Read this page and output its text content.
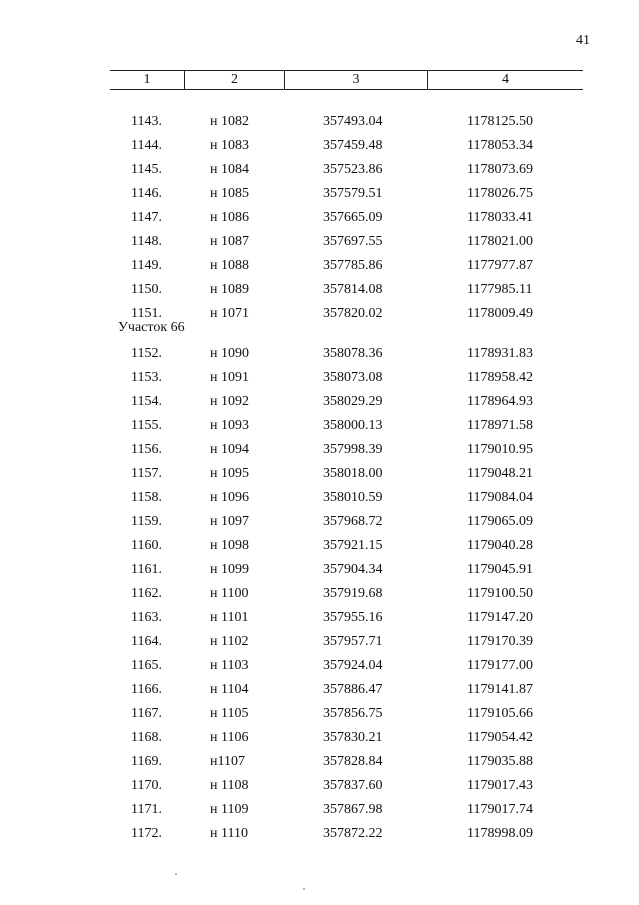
41
1	2	3	4
1143.	н 1082	357493.04	1178125.50
1144.	н 1083	357459.48	1178053.34
1145.	н 1084	357523.86	1178073.69
1146.	н 1085	357579.51	1178026.75
1147.	н 1086	357665.09	1178033.41
1148.	н 1087	357697.55	1178021.00
1149.	н 1088	357785.86	1177977.87
1150.	н 1089	357814.08	1177985.11
1151.	н 1071	357820.02	1178009.49
Участок 66
1152.	н 1090	358078.36	1178931.83
1153.	н 1091	358073.08	1178958.42
1154.	н 1092	358029.29	1178964.93
1155.	н 1093	358000.13	1178971.58
1156.	н 1094	357998.39	1179010.95
1157.	н 1095	358018.00	1179048.21
1158.	н 1096	358010.59	1179084.04
1159.	н 1097	357968.72	1179065.09
1160.	н 1098	357921.15	1179040.28
1161.	н 1099	357904.34	1179045.91
1162.	н 1100	357919.68	1179100.50
1163.	н 1101	357955.16	1179147.20
1164.	н 1102	357957.71	1179170.39
1165.	н 1103	357924.04	1179177.00
1166.	н 1104	357886.47	1179141.87
1167.	н 1105	357856.75	1179105.66
1168.	н 1106	357830.21	1179054.42
1169.	н1107	357828.84	1179035.88
1170.	н 1108	357837.60	1179017.43
1171.	н 1109	357867.98	1179017.74
1172.	н 1110	357872.22	1178998.09
